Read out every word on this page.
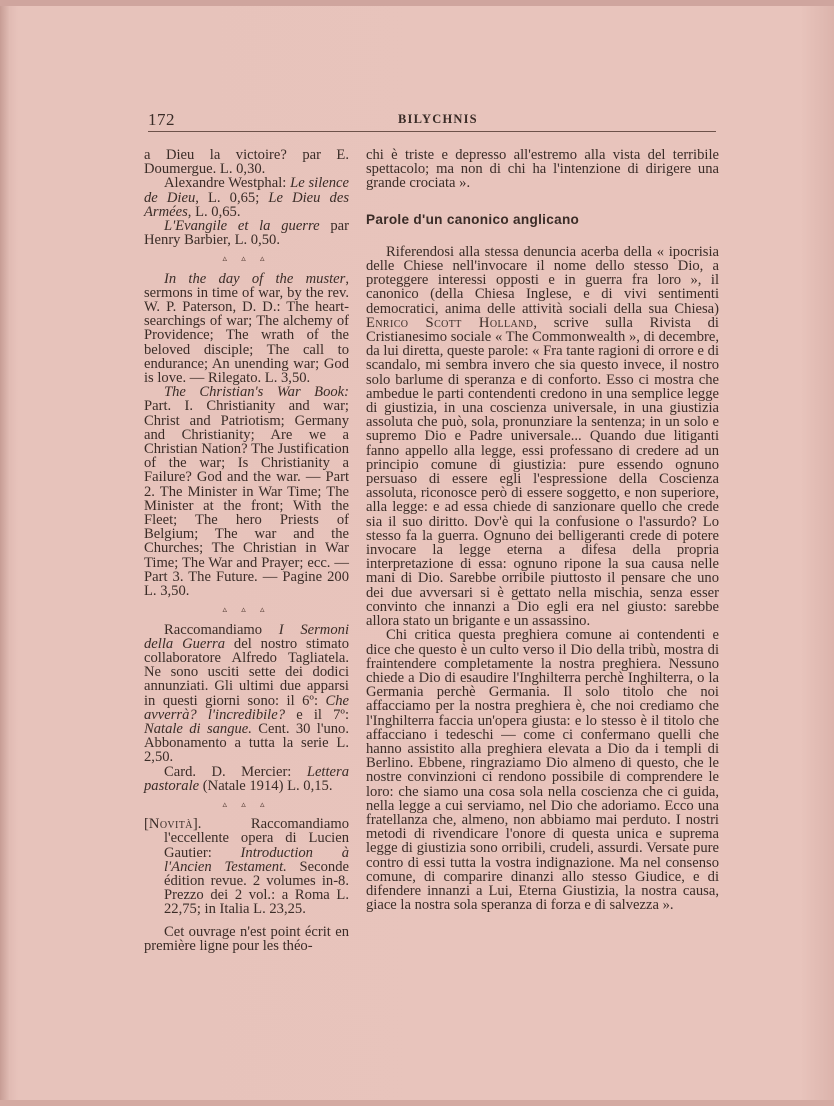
172	BILYCHNIS

a Dieu la victoire? par E. Doumergue. L. 0,30.

Alexandre Westphal: Le silence de Dieu, L. 0,65; Le Dieu des Armées, L. 0,65.

L'Evangile et la guerre par Henry Barbier, L. 0,50.

▵ ▵ ▵

In the day of the muster, sermons in time of war, by the rev. W. P. Paterson, D. D.: The heart-searchings of war; The alchemy of Providence; The wrath of the beloved disciple; The call to endurance; An unending war; God is love. — Rilegato. L. 3,50.

The Christian's War Book: Part. I. Christianity and war; Christ and Patriotism; Germany and Christianity; Are we a Christian Nation? The Justification of the war; Is Christianity a Failure? God and the war. — Part 2. The Minister in War Time; The Minister at the front; With the Fleet; The hero Priests of Belgium; The war and the Churches; The Christian in War Time; The War and Prayer; ecc. — Part 3. The Future. — Pagine 200 L. 3,50.

▵ ▵ ▵

Raccomandiamo I Sermoni della Guerra del nostro stimato collaboratore Alfredo Tagliatela. Ne sono usciti sette dei dodici annunziati. Gli ultimi due apparsi in questi giorni sono: il 6º: Che avverrà? l'incredibile? e il 7º: Natale di sangue. Cent. 30 l'uno. Abbonamento a tutta la serie L. 2,50.

Card. D. Mercier: Lettera pastorale (Natale 1914) L. 0,15.

▵ ▵ ▵

[Novità]. Raccomandiamo l'eccellente opera di Lucien Gautier: Introduction à l'Ancien Testament. Seconde édition revue. 2 volumes in-8. Prezzo dei 2 vol.: a Roma L. 22,75; in Italia L. 23,25.

Cet ouvrage n'est point écrit en première ligne pour les théo-

chi è triste e depresso all'estremo alla vista del terribile spettacolo; ma non di chi ha l'intenzione di dirigere una grande crociata ».

Parole d'un canonico anglicano

Riferendosi alla stessa denuncia acerba della « ipocrisia delle Chiese nell'invocare il nome dello stesso Dio, a proteggere interessi opposti e in guerra fra loro », il canonico (della Chiesa Inglese, e di vivi sentimenti democratici, anima delle attività sociali della sua Chiesa) Enrico Scott Holland, scrive sulla Rivista di Cristianesimo sociale « The Commonwealth », di decembre, da lui diretta, queste parole: « Fra tante ragioni di orrore e di scandalo, mi sembra invero che sia questo invece, il nostro solo barlume di speranza e di conforto. Esso ci mostra che ambedue le parti contendenti credono in una semplice legge di giustizia, in una coscienza universale, in una giustizia assoluta che può, sola, pronunziare la sentenza; in un solo e supremo Dio e Padre universale... Quando due litiganti fanno appello alla legge, essi professano di credere ad un principio comune di giustizia: pure essendo ognuno persuaso di essere egli l'espressione della Coscienza assoluta, riconosce però di essere soggetto, e non superiore, alla legge: e ad essa chiede di sanzionare quello che crede sia il suo diritto. Dov'è qui la confusione o l'assurdo? Lo stesso fa la guerra. Ognuno dei belligeranti crede di potere invocare la legge eterna a difesa della propria interpretazione di essa: ognuno ripone la sua causa nelle mani di Dio. Sarebbe orribile piuttosto il pensare che uno dei due avversari si è gettato nella mischia, senza esser convinto che innanzi a Dio egli era nel giusto: sarebbe allora stato un brigante e un assassino.

Chi critica questa preghiera comune ai contendenti e dice che questo è un culto verso il Dio della tribù, mostra di fraintendere completamente la nostra preghiera. Nessuno chiede a Dio di esaudire l'Inghilterra perchè Inghilterra, o la Germania perchè Germania. Il solo titolo che noi affacciamo per la nostra preghiera è, che noi crediamo che l'Inghilterra faccia un'opera giusta: e lo stesso è il titolo che affacciano i tedeschi — come ci confermano quelli che hanno assistito alla preghiera elevata a Dio da i templi di Berlino. Ebbene, ringraziamo Dio almeno di questo, che le nostre convinzioni ci rendono possibile di comprendere le loro: che siamo una cosa sola nella coscienza che ci guida, nella legge a cui serviamo, nel Dio che adoriamo. Ecco una fratellanza che, almeno, non abbiamo mai perduto. I nostri metodi di rivendicare l'onore di questa unica e suprema legge di giustizia sono orribili, crudeli, assurdi. Versate pure contro di essi tutta la vostra indignazione. Ma nel consenso comune, di comparire dinanzi allo stesso Giudice, e di difendere innanzi a Lui, Eterna Giustizia, la nostra causa, giace la nostra sola speranza di forza e di salvezza ».
